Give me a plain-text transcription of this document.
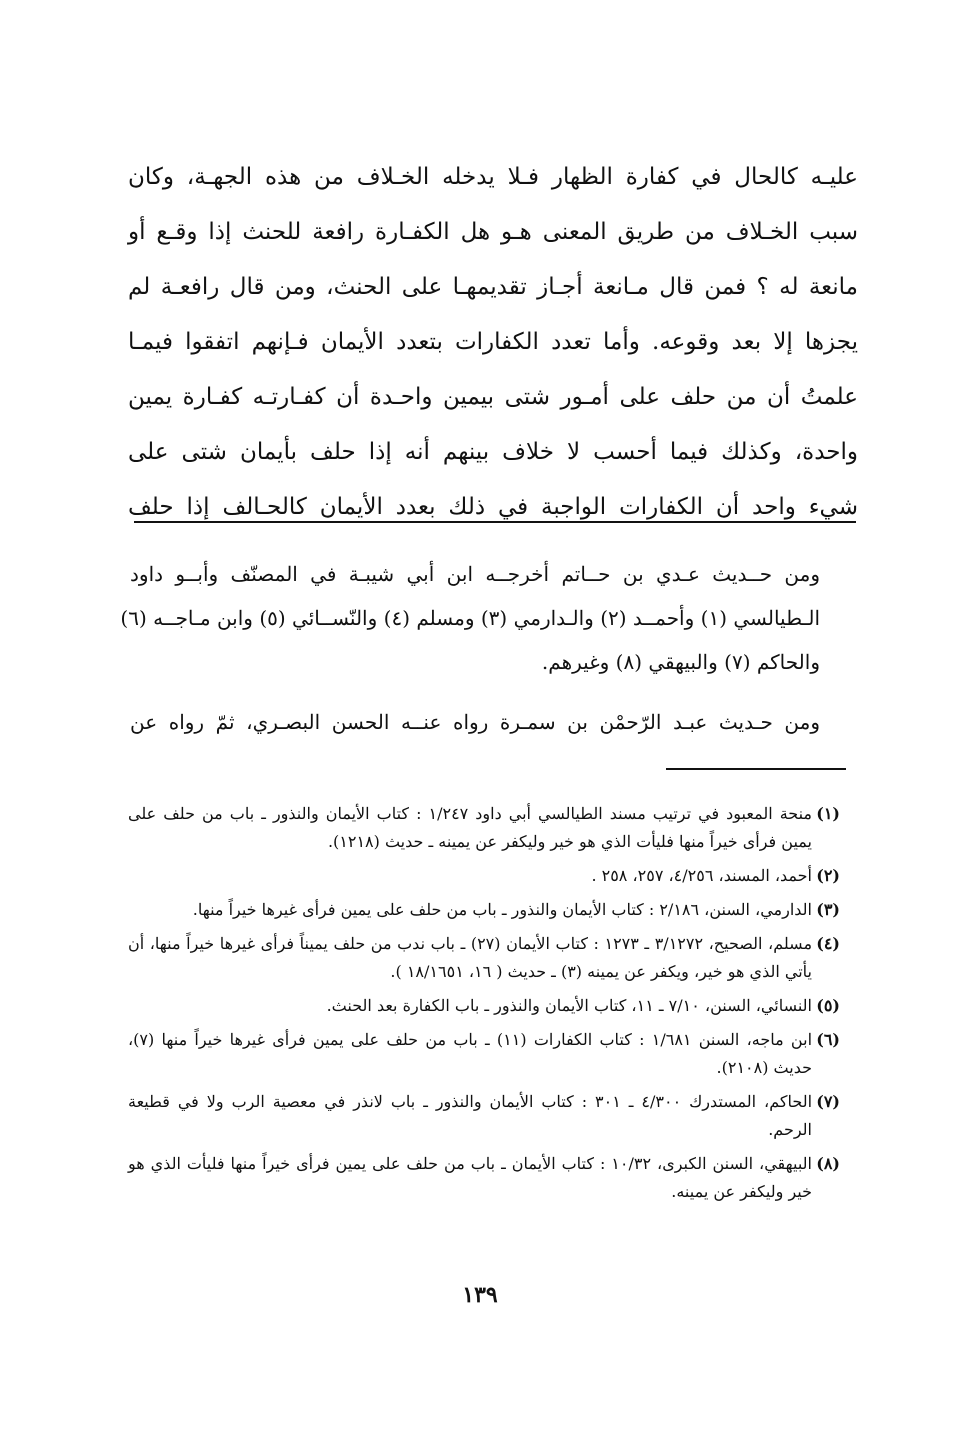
عليـه كالحال في كفارة الظهار فـلا يدخله الخـلاف من هذه الجهـة، وكان
سبب الخـلاف من طريق المعنى هـو هل الكفـارة رافعة للحنث إذا وقـع أو
مانعة له ؟ فمن قال مـانعة أجـاز تقديمهـا على الحنث، ومن قال رافعـة لم
يجزها إلا بعد وقوعه. وأما تعدد الكفارات بتعدد الأيمان فـإنهم اتفقوا فيمـا
علمتُ أن من حلف على أمـور شتى بيمين واحـدة أن كفـارتـه كفـارة يمين
واحدة، وكذلك فيما أحسب لا خلاف بينهم أنه إذا حلف بأيمان شتى على
شيء واحد أن الكفارات الواجبة في ذلك بعدد الأيمان كالحـالف إذا حلف
ومن حــديث عـدي بن حــاتم أخرجــه ابن أبي شيبـة في المصنّف وأبــو داود
الـطيالسي (١) وأحمــد (٢) والـدارمي (٣) ومسلم (٤) والنّســائي (٥) وابن مـاجــه (٦)
والحاكم (٧) والبيهقي (٨) وغيرهم.
ومن حـديث عبـد الرّحمْن بن سمـرة رواه عنــه الحسن البصـري، ثمّ رواه عن
(١)
منحة المعبود في ترتيب مسند الطيالسي أبي داود ١/٢٤٧ : كتاب الأيمان والنذور ـ باب من حلف على يمين فرأى خيراً منها فليأت الذي هو خير وليكفر عن يمينه ـ حديث (١٢١٨).
(٢)
أحمد، المسند، ٤/٢٥٦، ٢٥٧، ٢٥٨ .
(٣)
الدارمي، السنن، ٢/١٨٦ : كتاب الأيمان والنذور ـ باب من حلف على يمين فرأى غيرها خيراً منها.
(٤)
مسلم، الصحيح، ٣/١٢٧٢ ـ ١٢٧٣ : كتاب الأيمان (٢٧) ـ باب ندب من حلف يميناً فرأى غيرها خيراً منها، أن يأتي الذي هو خير، ويكفر عن يمينه (٣) ـ حديث ( ١٦، ١٨/١٦٥١ ).
(٥)
النسائي، السنن، ٧/١٠ ـ ١١، كتاب الأيمان والنذور ـ باب الكفارة بعد الحنث.
(٦)
ابن ماجه، السنن ١/٦٨١ : كتاب الكفارات (١١) ـ باب من حلف على يمين فرأى غيرها خيراً منها (٧)، حديث (٢١٠٨).
(٧)
الحاكم، المستدرك ٤/٣٠٠ ـ ٣٠١ : كتاب الأيمان والنذور ـ باب لانذر في معصية الرب ولا في قطيعة الرحم.
(٨)
البيهقي، السنن الكبرى، ١٠/٣٢ : كتاب الأيمان ـ باب من حلف على يمين فرأى خيراً منها فليأت الذي هو خير وليكفر عن يمينه.
١٣٩
